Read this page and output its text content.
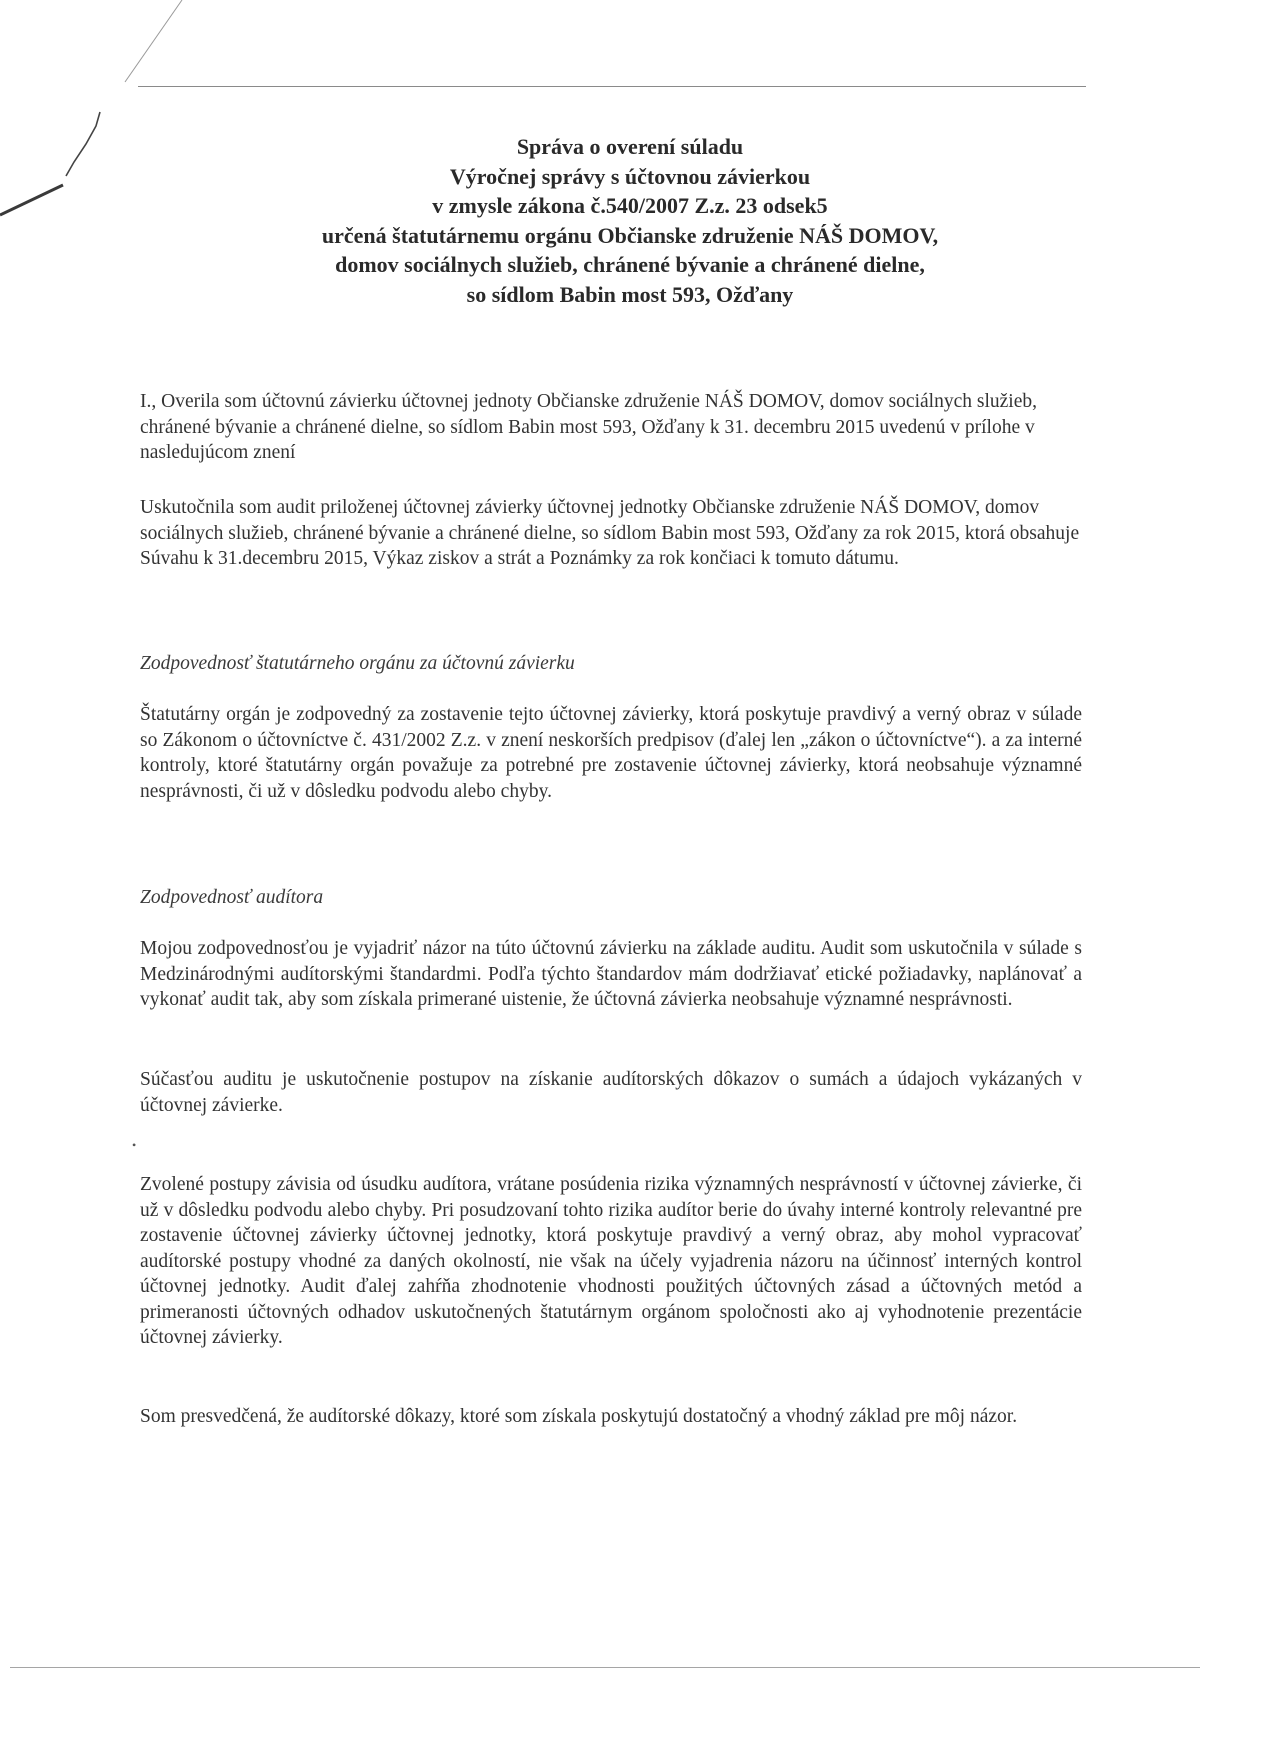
Správa o overení súladu
Výročnej správy s účtovnou závierkou
v zmysle zákona č.540/2007 Z.z. 23 odsek5
určená štatutárnemu orgánu Občianske združenie NÁŠ DOMOV,
domov sociálnych služieb, chránené bývanie a chránené dielne,
so sídlom Babin most 593, Ožďany
I., Overila som účtovnú závierku účtovnej jednoty Občianske združenie NÁŠ DOMOV, domov sociálnych služieb, chránené bývanie a chránené dielne, so sídlom Babin most 593, Ožďany k 31. decembru 2015 uvedenú v prílohe v nasledujúcom znení
Uskutočnila som audit priloženej účtovnej závierky účtovnej jednotky Občianske združenie NÁŠ DOMOV, domov sociálnych služieb, chránené bývanie a chránené dielne, so sídlom Babin most 593, Ožďany za rok 2015, ktorá obsahuje Súvahu k 31.decembru 2015, Výkaz ziskov a strát a Poznámky za rok končiaci k tomuto dátumu.
Zodpovednosť štatutárneho orgánu za účtovnú závierku
Štatutárny orgán je zodpovedný za zostavenie tejto účtovnej závierky, ktorá poskytuje pravdivý a verný obraz v súlade so Zákonom o účtovníctve č. 431/2002 Z.z. v znení neskorších predpisov (ďalej len „zákon o účtovníctve“). a za interné kontroly, ktoré štatutárny orgán považuje za potrebné pre zostavenie účtovnej závierky, ktorá neobsahuje významné nesprávnosti, či už v dôsledku podvodu alebo chyby.
Zodpovednosť audítora
Mojou zodpovednosťou je vyjadriť názor na túto účtovnú závierku na základe auditu. Audit som uskutočnila v súlade s Medzinárodnými audítorskými štandardmi. Podľa týchto štandardov mám dodržiavať etické požiadavky, naplánovať a vykonať audit tak, aby som získala primerané uistenie, že účtovná závierka neobsahuje významné nesprávnosti.
Súčasťou auditu je uskutočnenie postupov na získanie audítorských dôkazov o sumách a údajoch vykázaných v účtovnej závierke.
•
Zvolené postupy závisia od úsudku audítora, vrátane posúdenia rizika významných nesprávností v účtovnej závierke, či už v dôsledku podvodu alebo chyby. Pri posudzovaní tohto rizika audítor berie do úvahy interné kontroly relevantné pre zostavenie účtovnej závierky účtovnej jednotky, ktorá poskytuje pravdivý a verný obraz, aby mohol vypracovať audítorské postupy vhodné za daných okolností, nie však na účely vyjadrenia názoru na účinnosť interných kontrol účtovnej jednotky. Audit ďalej zahŕňa zhodnotenie vhodnosti použitých účtovných zásad a účtovných metód a primeranosti účtovných odhadov uskutočnených štatutárnym orgánom spoločnosti ako aj vyhodnotenie prezentácie účtovnej závierky.
Som presvedčená, že audítorské dôkazy, ktoré som získala poskytujú dostatočný a vhodný základ pre môj názor.
